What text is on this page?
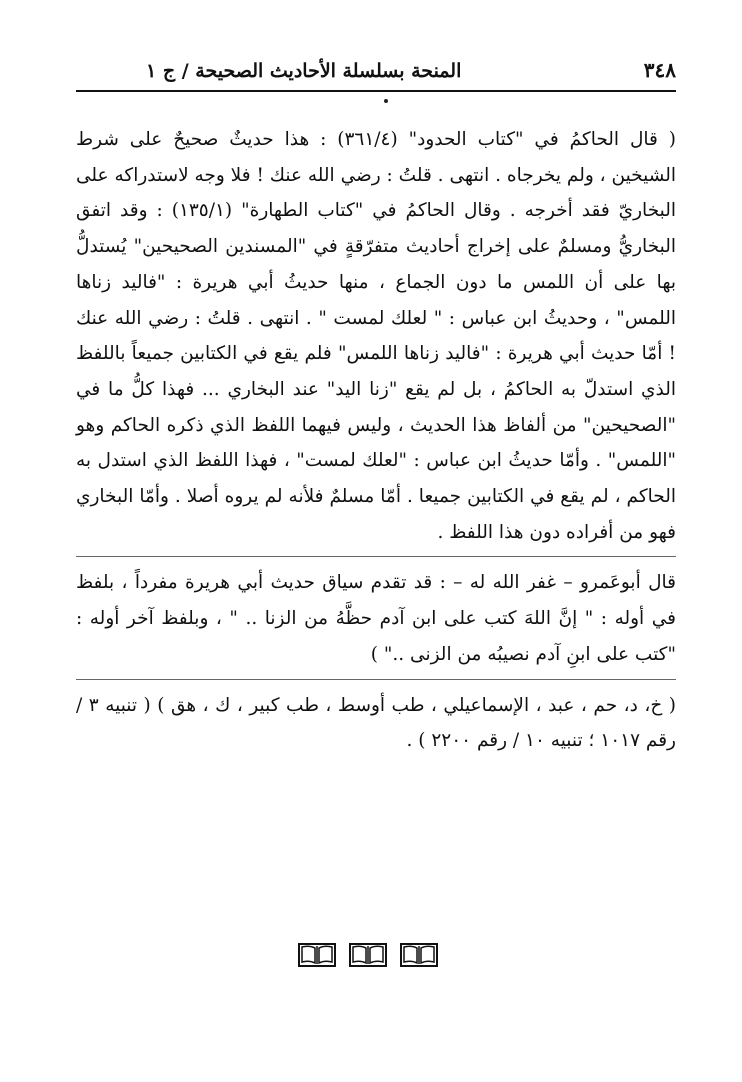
٣٤٨
المنحة بسلسلة الأحاديث الصحيحة / ج ١

( قال الحاكمُ في "كتاب الحدود" (٣٦١/٤) : هذا حديثٌ صحيحٌ على شرط الشيخين ، ولم يخرجاه . انتهى . قلتُ : رضي الله عنك ! فلا وجه لاستدراكه على البخاريّ فقد أخرجه . وقال الحاكمُ في "كتاب الطهارة" (١٣٥/١) : وقد اتفق البخاريُّ ومسلمٌ على إخراج أحاديث متفرّقةٍ في "المسندين الصحيحين" يُستدلُّ بها على أن اللمس ما دون الجماع ، منها حديثُ أبي هريرة : "فاليد زناها اللمس" ، وحديثُ ابن عباس : " لعلك لمست " . انتهى . قلتُ : رضي الله عنك ! أمّا حديث أبي هريرة : "فاليد زناها اللمس" فلم يقع في الكتابين جميعاً باللفظ الذي استدلّ به الحاكمُ ، بل لم يقع "زنا اليد" عند البخاري ... فهذا كلُّ ما في "الصحيحين" من ألفاظ هذا الحديث ، وليس فيهما اللفظ الذي ذكره الحاكم وهو "اللمس" . وأمّا حديثُ ابن عباس : "لعلك لمست" ، فهذا اللفظ الذي استدل به الحاكم ، لم يقع في الكتابين جميعا . أمّا مسلمٌ فلأنه لم يروه أصلا . وأمّا البخاري فهو من أفراده دون هذا اللفظ .

قال أبوعَمرو – غفر الله له – : قد تقدم سياق حديث أبي هريرة مفرداً ، بلفظ في أوله : " إنَّ اللهَ كتب على ابن آدم حظَّهُ من الزنا .. " ، وبلفظ آخر أوله : "كتب على ابنِ آدم نصيبُه من الزنى .." )

( خ، د، حم ، عبد ، الإسماعيلي ، طب أوسط ، طب كبير ، ك ، هق ) ( تنبيه ٣ / رقم ١٠١٧ ؛ تنبيه ١٠ / رقم ٢٢٠٠ ) .
